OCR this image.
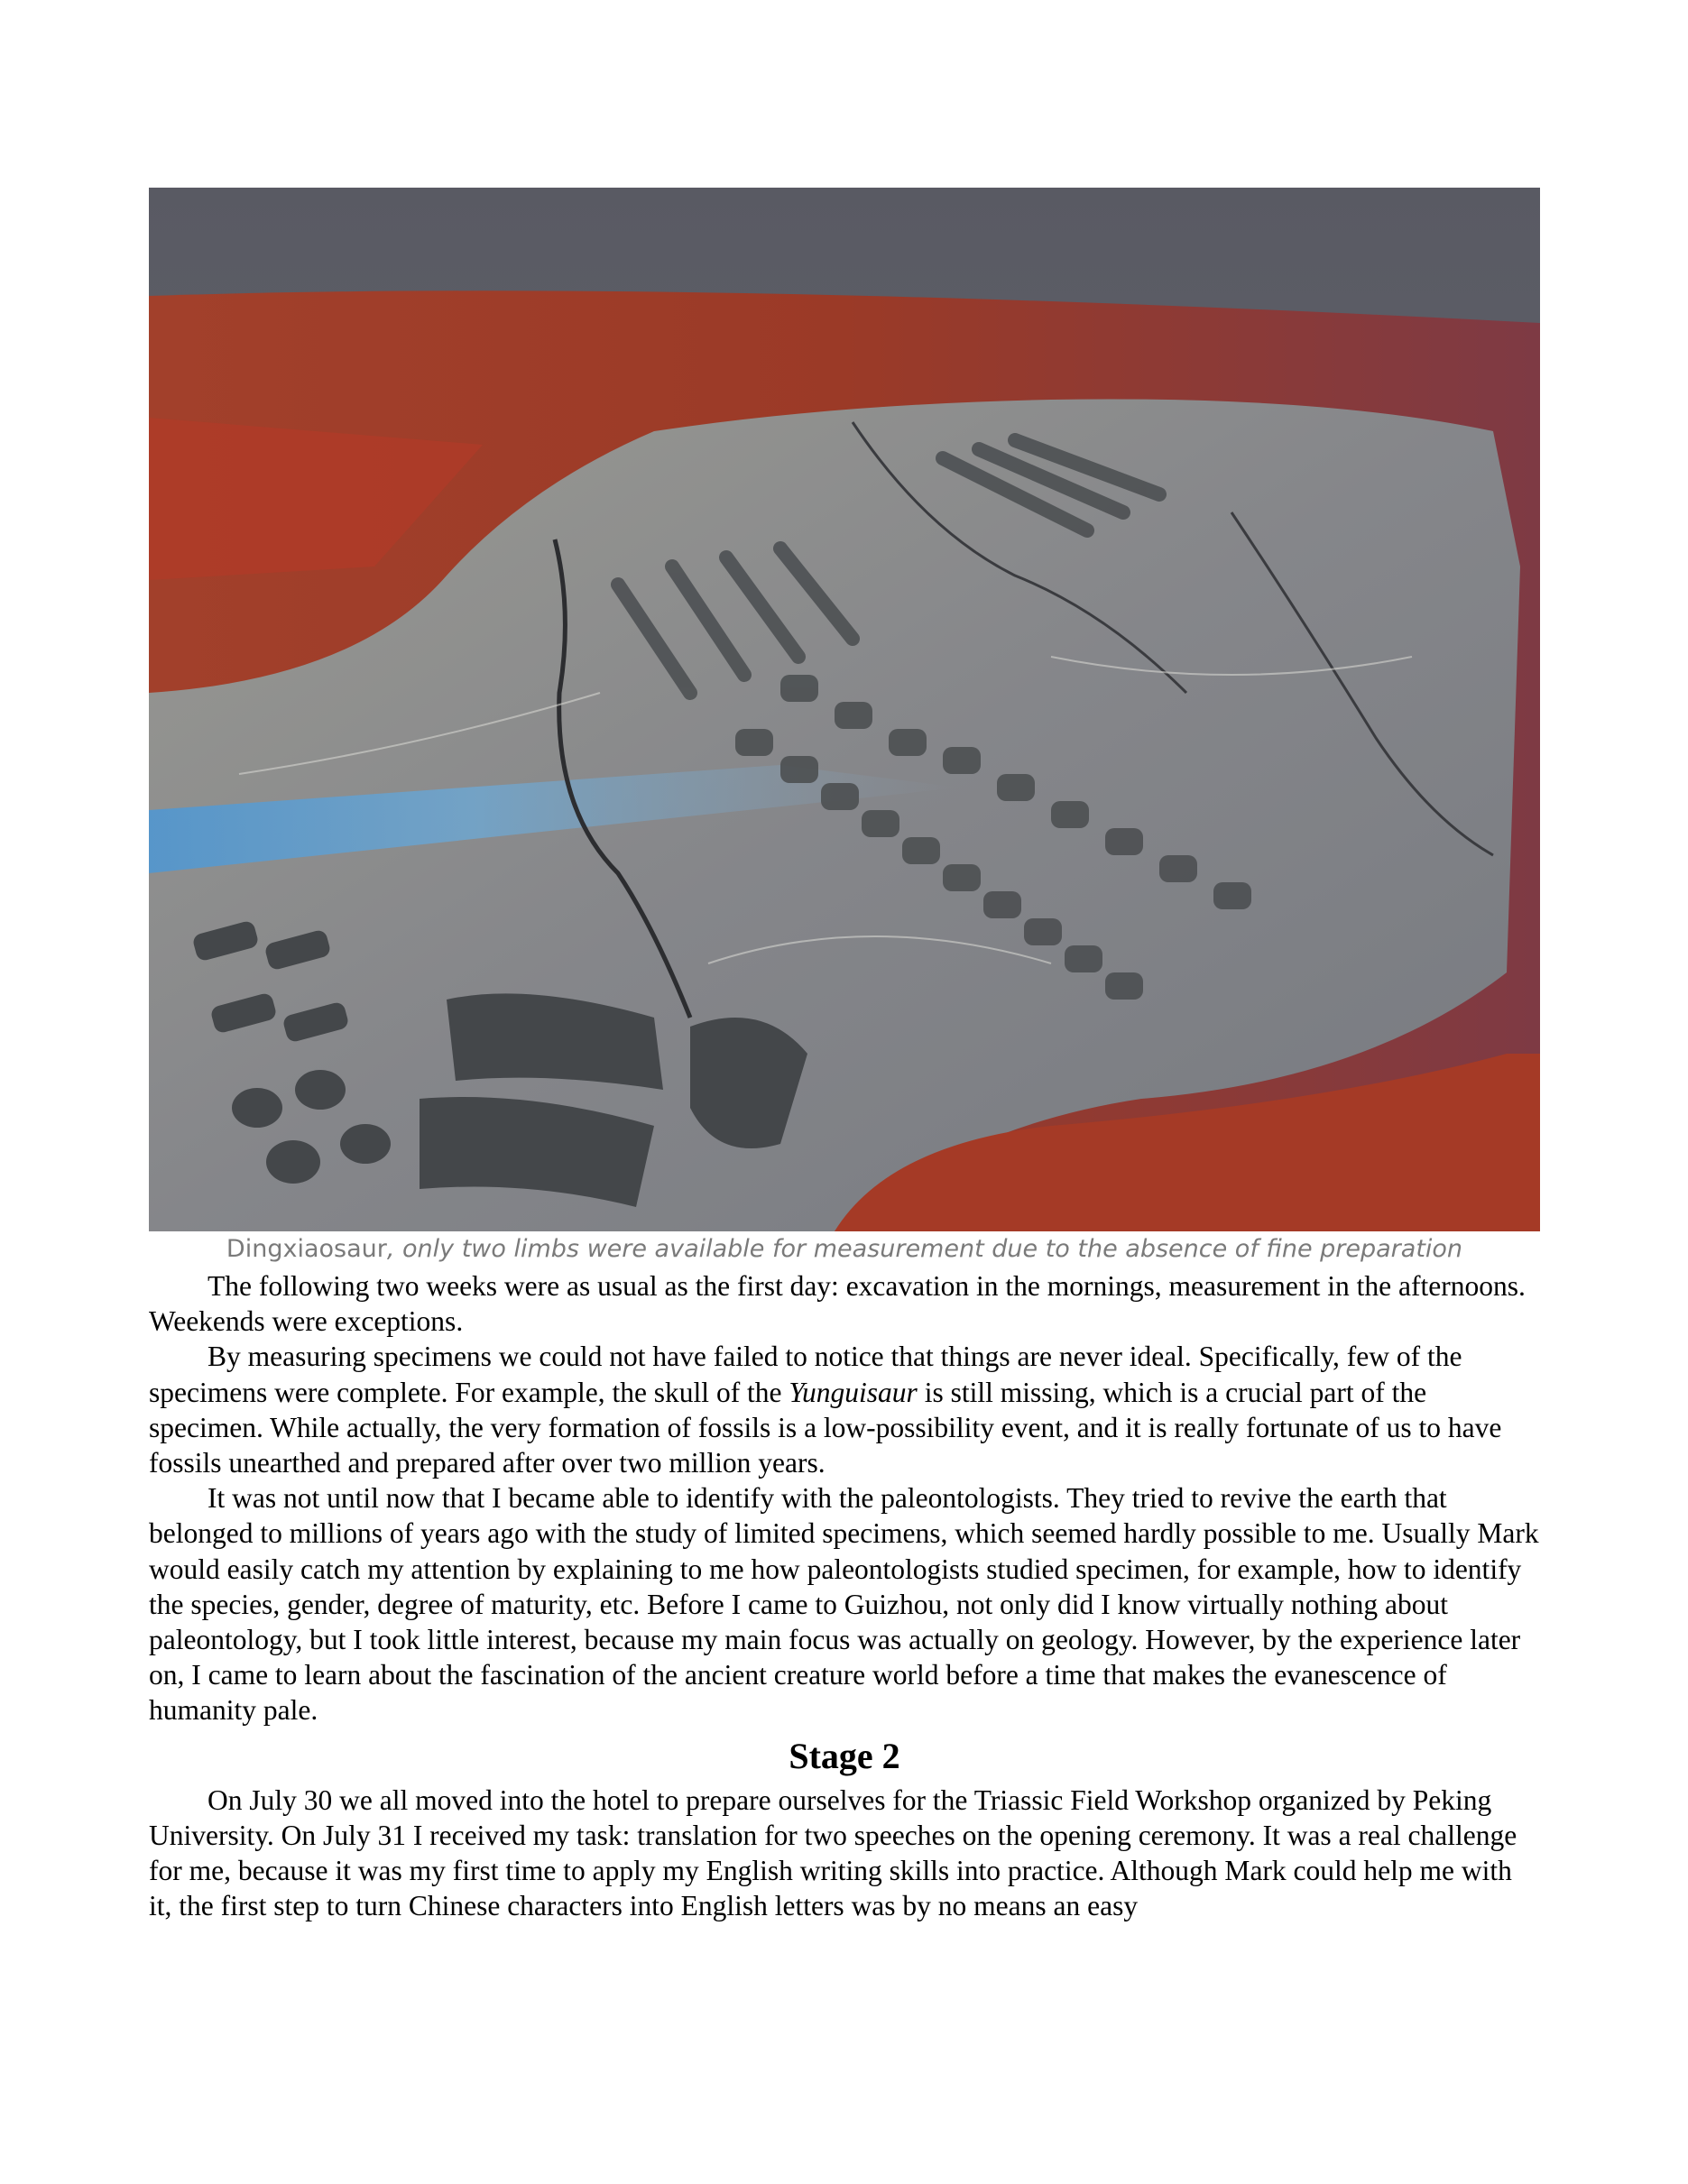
Dingxiaosaur, only two limbs were available for measurement due to the absence of fine preparation

The following two weeks were as usual as the first day: excavation in the mornings, measurement in the afternoons. Weekends were exceptions.

By measuring specimens we could not have failed to notice that things are never ideal. Specifically, few of the specimens were complete. For example, the skull of the Yunguisaur is still missing, which is a crucial part of the specimen. While actually, the very formation of fossils is a low-possibility event, and it is really fortunate of us to have fossils unearthed and prepared after over two million years.

It was not until now that I became able to identify with the paleontologists. They tried to revive the earth that belonged to millions of years ago with the study of limited specimens, which seemed hardly possible to me. Usually Mark would easily catch my attention by explaining to me how paleontologists studied specimen, for example, how to identify the species, gender, degree of maturity, etc. Before I came to Guizhou, not only did I know virtually nothing about paleontology, but I took little interest, because my main focus was actually on geology. However, by the experience later on, I came to learn about the fascination of the ancient creature world before a time that makes the evanescence of humanity pale.

Stage 2

On July 30 we all moved into the hotel to prepare ourselves for the Triassic Field Workshop organized by Peking University. On July 31 I received my task: translation for two speeches on the opening ceremony. It was a real challenge for me, because it was my first time to apply my English writing skills into practice. Although Mark could help me with it, the first step to turn Chinese characters into English letters was by no means an easy
